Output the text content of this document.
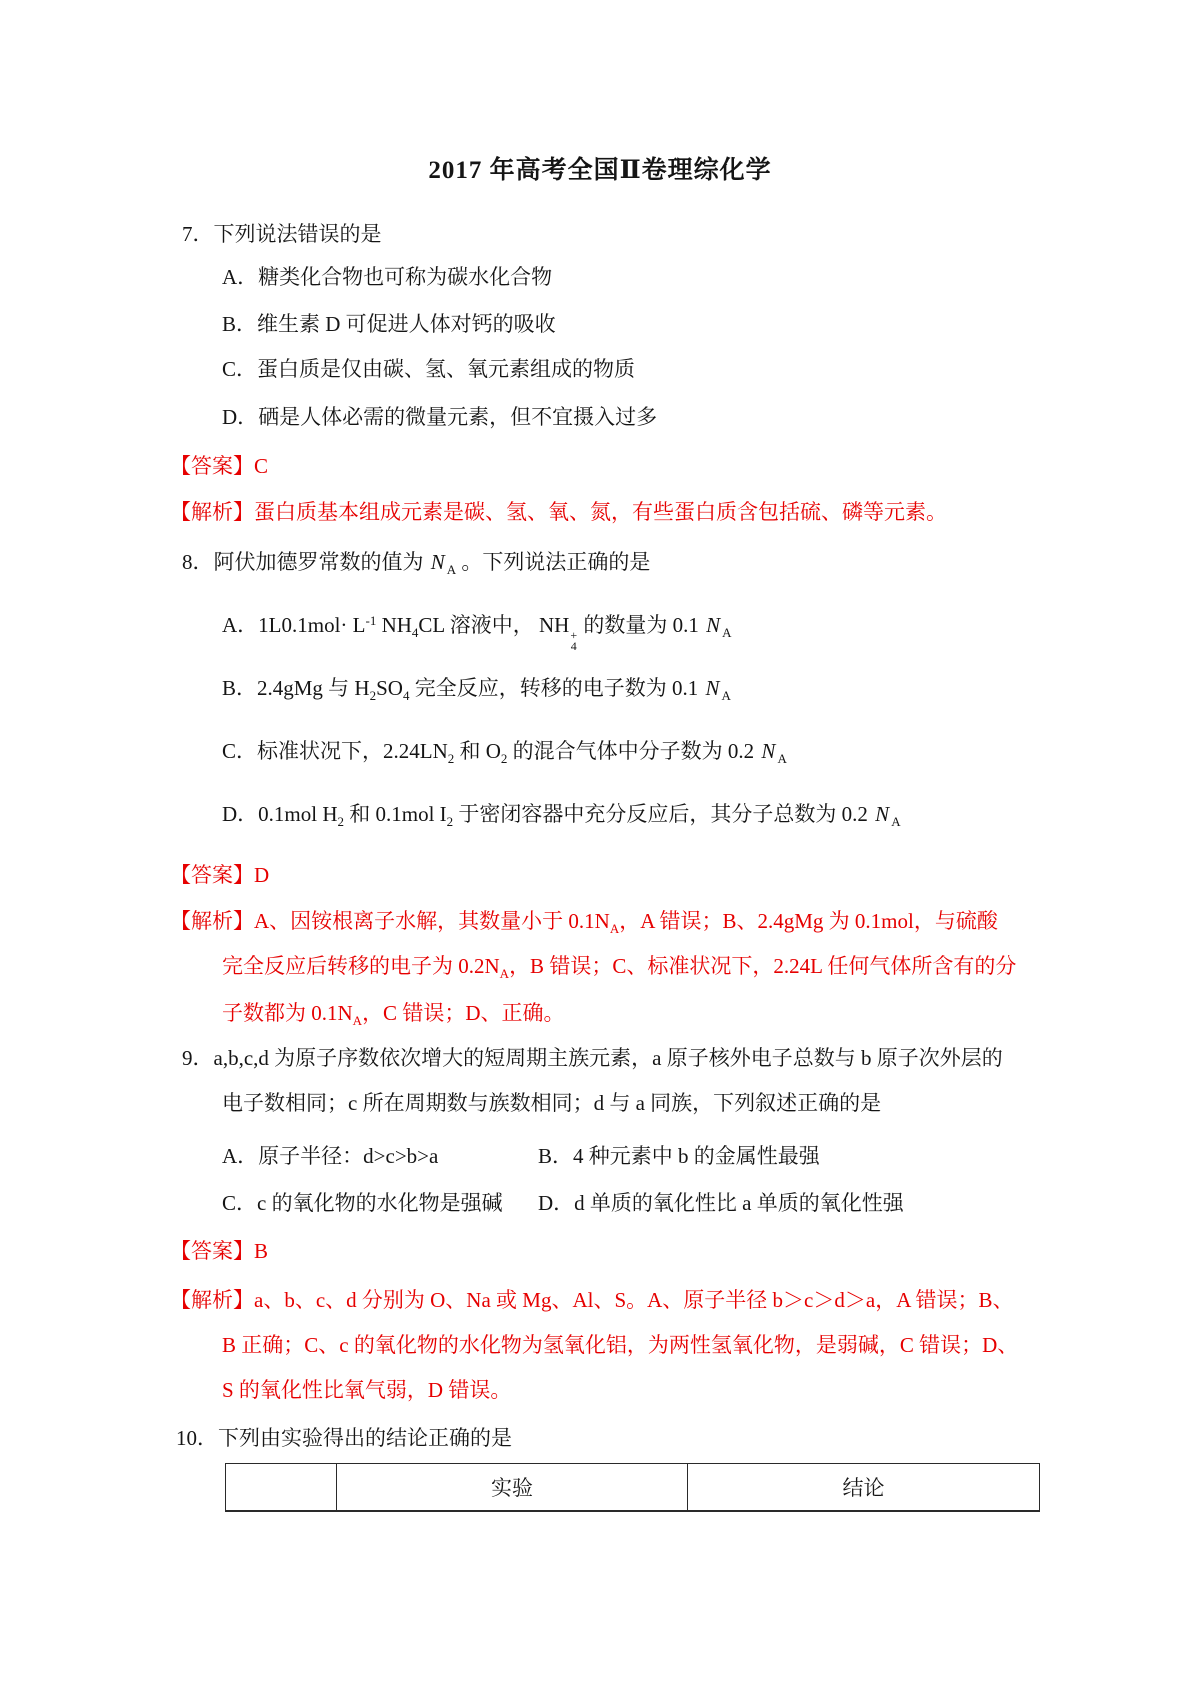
2017 年高考全国Ⅱ卷理综化学
7．下列说法错误的是
A．糖类化合物也可称为碳水化合物
B．维生素 D 可促进人体对钙的吸收
C．蛋白质是仅由碳、氢、氧元素组成的物质
D．硒是人体必需的微量元素，但不宜摄入过多
【答案】C
【解析】蛋白质基本组成元素是碳、氢、氧、氮，有些蛋白质含包括硫、磷等元素。
8．阿伏加德罗常数的值为 N $_A$ 。下列说法正确的是
A．$1L0.1mol\cdot L^{-1}$ $NH_4CL$ 溶液中， NH +
4
的数量为 0.1 N $_A$
B．2.4gMg 与 $H_2SO_4$ 完全反应，转移的电子数为 0.1 N $_A$
C．标准状况下，$2.24LN_2$ 和 $O_2$ 的混合气体中分子数为 0.2 N $_A$
D．0.1mol $H_2$ 和 0.1mol $I_2$ 于密闭容器中充分反应后，其分子总数为 0.2 N $_A$
【答案】D
【解析】A、因铵根离子水解，其数量小于 $0.1N_A$，A 错误；B、2.4gMg 为 0.1mol，与硫酸
完全反应后转移的电子为 $0.2N_A$，B 错误；C、标准状况下，2.24L 任何气体所含有的分
子数都为 $0.1N_A$，C 错误；D、正确。
9．a,b,c,d 为原子序数依次增大的短周期主族元素，a 原子核外电子总数与 b 原子次外层的
电子数相同；c 所在周期数与族数相同；d 与 a 同族，下列叙述正确的是
A．原子半径：d>c>b>a	B．4 种元素中 b 的金属性最强
C．c 的氧化物的水化物是强碱 D．d 单质的氧化性比 a 单质的氧化性强
【答案】B
【解析】a、b、c、d 分别为 O、Na 或 Mg、Al、S。A、原子半径 b＞c＞d＞a，A 错误；B、
B 正确；C、c 的氧化物的水化物为氢氧化铝，为两性氢氧化物，是弱碱，C 错误；D、
S 的氧化性比氧气弱，D 错误。
10．下列由实验得出的结论正确的是
	实验	结论
